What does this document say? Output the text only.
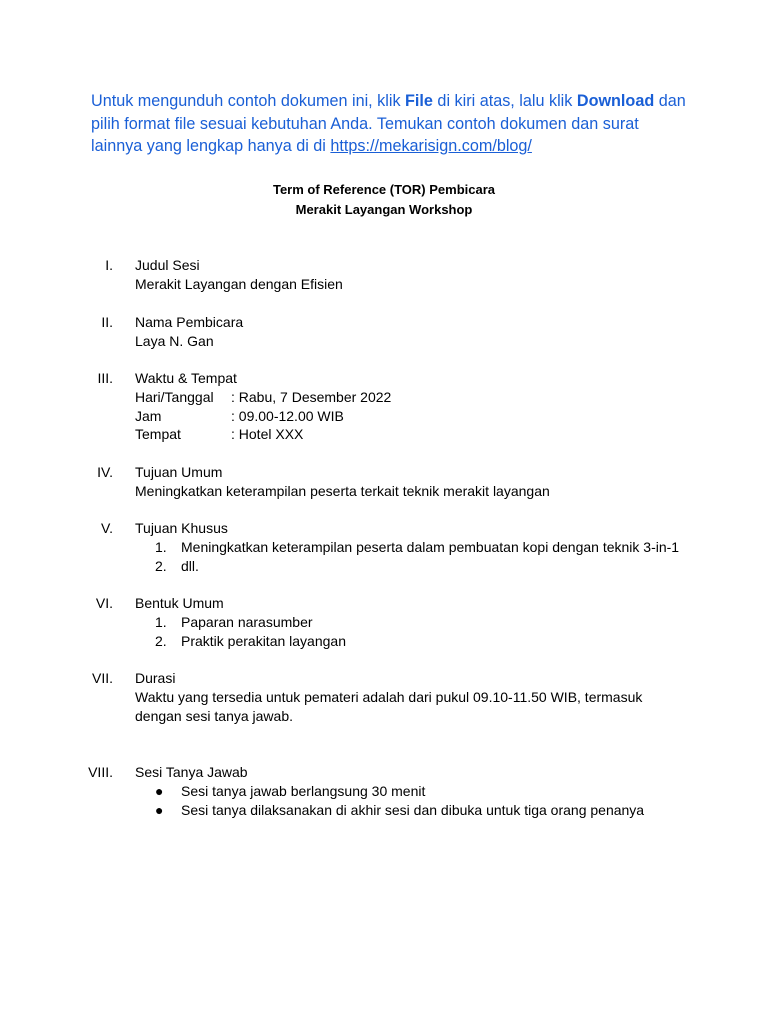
Untuk mengunduh contoh dokumen ini, klik File di kiri atas, lalu klik Download dan pilih format file sesuai kebutuhan Anda. Temukan contoh dokumen dan surat lainnya yang lengkap hanya di di https://mekarisign.com/blog/
Term of Reference (TOR) Pembicara
Merakit Layangan Workshop
I. Judul Sesi
Merakit Layangan dengan Efisien
II. Nama Pembicara
Laya N. Gan
III. Waktu & Tempat
Hari/Tanggal	: Rabu, 7 Desember 2022
Jam	: 09.00-12.00 WIB
Tempat	: Hotel XXX
IV. Tujuan Umum
Meningkatkan keterampilan peserta terkait teknik merakit layangan
V. Tujuan Khusus
1. Meningkatkan keterampilan peserta dalam pembuatan kopi dengan teknik 3-in-1
2. dll.
VI. Bentuk Umum
1. Paparan narasumber
2. Praktik perakitan layangan
VII. Durasi
Waktu yang tersedia untuk pemateri adalah dari pukul 09.10-11.50 WIB, termasuk
dengan sesi tanya jawab.
VIII. Sesi Tanya Jawab
● Sesi tanya jawab berlangsung 30 menit
● Sesi tanya dilaksanakan di akhir sesi dan dibuka untuk tiga orang penanya
